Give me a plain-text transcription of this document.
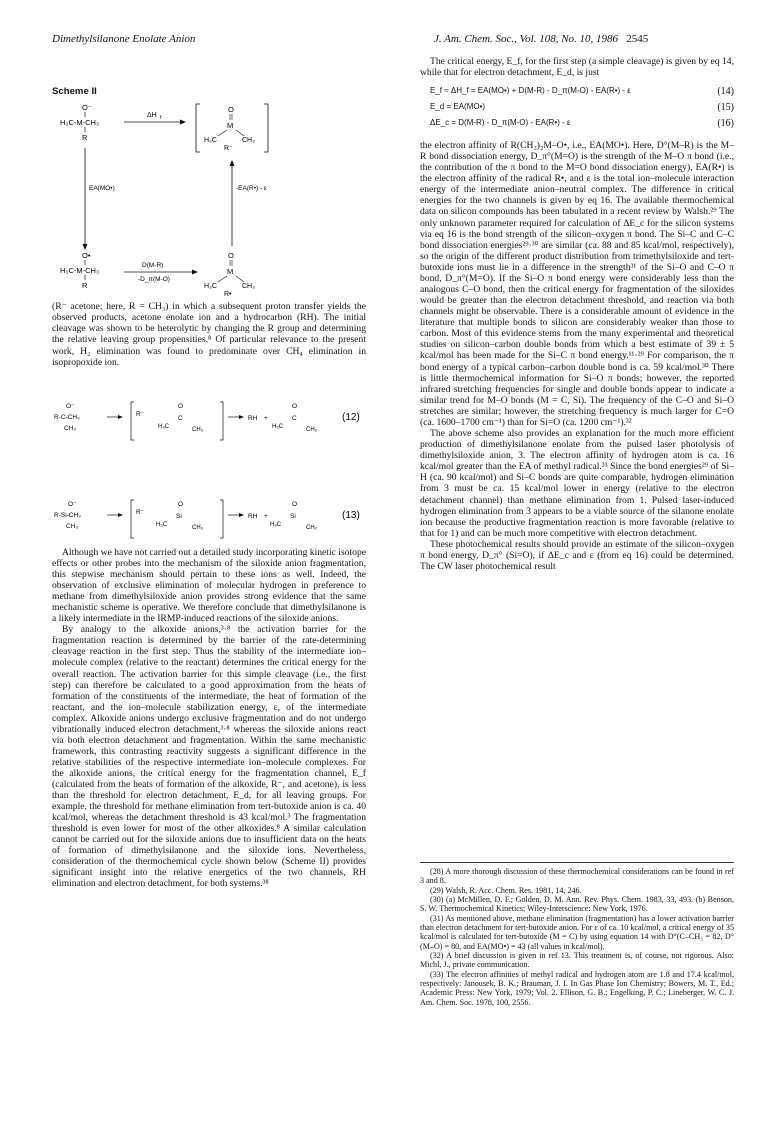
Dimethylsilanone Enolate Anion	J. Am. Chem. Soc., Vol. 108, No. 10, 1986 2545
Scheme II
O⁻
H₃C-M-CH₃
R
ΔH f
O
M
H₃C	CH₃
R⁻
EA(MO•)	-EA(R•) - ε
O•
H₃C-M-CH₃
R
D(M-R)
-D_π(M-O)
O
M
H₃C	CH₃
R•
(R⁻ acetone; here, R = CH₃) in which a subsequent proton transfer yields the observed products, acetone enolate ion and a hydrocarbon (RH). The initial cleavage was shown to be heterolytic by changing the R group and determining the relative leaving group propensities.⁸ Of particular relevance to the present work, H₂ elimination was found to predominate over CH₄ elimination in isopropoxide ion.
O⁻
R-C-CH₃
CH₃
R⁻
O
C
H₃C	CH₃
RH +
O
C
H₃C	CH₂
(12)
O⁻
R-Si-CH₃
CH₃
R⁻
O
Si
H₃C	CH₃
RH +
O
Si
H₃C	CH₂
(13)

Although we have not carried out a detailed study incorporating kinetic isotope effects or other probes into the mechanism of the siloxide anion fragmentation, this stepwise mechanism should pertain to these ions as well. Indeed, the observation of exclusive elimination of molecular hydrogen in preference to methane from dimethylsiloxide anion provides strong evidence that the same mechanistic scheme is operative. We therefore conclude that dimethylsilanone is a likely intermediate in the IRMP-induced reactions of the siloxide anions.

By analogy to the alkoxide anions,³·⁸ the activation barrier for the fragmentation reaction is determined by the barrier of the rate-determining cleavage reaction in the first step. Thus the stability of the intermediate ion–molecule complex (relative to the reactant) determines the critical energy for the overall reaction. The activation barrier for this simple cleavage (i.e., the first step) can therefore be calculated to a good approximation from the heats of formation of the constituents of the intermediate, the heat of formation of the reactant, and the ion–molecule stabilization energy, ε, of the intermediate complex. Alkoxide anions undergo exclusive fragmentation and do not undergo vibrationally induced electron detachment,³·⁸ whereas the siloxide anions react via both electron detachment and fragmentation. Within the same mechanistic framework, this contrasting reactivity suggests a significant difference in the relative stabilities of the respective intermediate ion–molecule complexes. For the alkoxide anions, the critical energy for the fragmentation channel, E_f (calculated from the heats of formation of the alkoxide, R⁻, and acetone), is less than the threshold for electron detachment, E_d, for all leaving groups. For example, the threshold for methane elimination from tert-butoxide anion is ca. 40 kcal/mol, whereas the detachment threshold is 43 kcal/mol.³ The fragmentation threshold is even lower for most of the other alkoxides.⁸ A similar calculation cannot be carried out for the siloxide anions due to insufficient data on the heats of formation of dimethylsilanone and the siloxide ions. Nevertheless, consideration of the thermochemical cycle shown below (Scheme II) provides significant insight into the relative energetics of the two channels, RH elimination and electron detachment, for both systems.³⁸

The critical energy, E_f, for the first step (a simple cleavage) is given by eq 14, while that for electron detachment, E_d, is just

E_f ≈ ΔH_f = EA(MO•) + D(M-R) - D_π(M-O) - EA(R•) - ε	(14)
E_d = EA(MO•)	(15)
ΔE_c = D(M-R) - D_π(M-O) - EA(R•) - ε	(16)

the electron affinity of R(CH₃)₂M–O•, i.e., EA(MO•). Here, D°(M–R) is the M–R bond dissociation energy, D_π°(M=O) is the strength of the M–O π bond (i.e., the contribution of the π bond to the M=O bond dissociation energy), EA(R•) is the electron affinity of the radical R•, and ε is the total ion–molecule interaction energy of the intermediate anion–neutral complex. The difference in critical energies for the two channels is given by eq 16. The available thermochemical data on silicon compounds has been tabulated in a recent review by Walsh.²⁹ The only unknown parameter required for calculation of ΔE_c for the silicon systems via eq 16 is the bond strength of the silicon–oxygen π bond. The Si–C and C–C bond dissociation energies²⁹·³⁰ are similar (ca. 88 and 85 kcal/mol, respectively), so the origin of the different product distribution from trimethylsiloxide and tert-butoxide ions must lie in a difference in the strength³¹ of the Si–O and C–O π bond, D_π°(M=O). If the Si–O π bond energy were considerably less than the analogous C–O bond, then the critical energy for fragmentation of the siloxides would be greater than the electron detachment threshold, and reaction via both channels might be observable. There is a considerable amount of evidence in the literature that multiple bonds to silicon are considerably weaker than those to carbon. Most of this evidence stems from the many experimental and theoretical studies on silicon–carbon double bonds from which a best estimate of 39 ± 5 kcal/mol has been made for the Si–C π bond energy.¹¹·²⁹ For comparison, the π bond energy of a typical carbon–carbon double bond is ca. 59 kcal/mol.³⁰ There is little thermochemical information for Si–O π bonds; however, the reported infrared stretching frequencies for single and double bonds appear to indicate a similar trend for M–O bonds (M = C, Si). The frequency of the C–O and Si–O stretches are similar; however, the stretching frequency is much larger for C=O (ca. 1600–1700 cm⁻¹) than for Si=O (ca. 1200 cm⁻¹).³²

The above scheme also provides an explanation for the much more efficient production of dimethylsilanone enolate from the pulsed laser photolysis of dimethylsiloxide anion, 3. The electron affinity of hydrogen atom is ca. 16 kcal/mol greater than the EA of methyl radical.³³ Since the bond energies²⁹ of Si–H (ca. 90 kcal/mol) and Si–C bonds are quite comparable, hydrogen elimination from 3 must be ca. 15 kcal/mol lower in energy (relative to the electron detachment channel) than methane elimination from 1. Pulsed laser-induced hydrogen elimination from 3 appears to be a viable source of the silanone enolate ion because the productive fragmentation reaction is more favorable (relative to that for 1) and can be much more competitive with electron detachment.

These photochemical results should provide an estimate of the silicon–oxygen π bond energy, D_π° (Si=O), if ΔE_c and ε (from eq 16) could be determined. The CW laser photochemical result

(28) A more thorough discussion of these thermochemical considerations can be found in ref 3 and 8.

(29) Walsh, R. Acc. Chem. Res. 1981, 14, 246.

(30) (a) McMillen, D. F.; Golden, D. M. Ann. Rev. Phys. Chem. 1983, 33, 493. (b) Benson, S. W. Thermochemical Kinetics; Wiley-Interscience: New York, 1976.

(31) As mentioned above, methane elimination (fragmentation) has a lower activation barrier than electron detachment for tert-butoxide anion. For ε of ca. 10 kcal/mol, a critical energy of 35 kcal/mol is calculated for tert-butoxide (M = C) by using equation 14 with D°(C–CH₃ = 82, D°(M–O) = 80, and EA(MO•) = 43 (all values in kcal/mol).

(32) A brief discussion is given in ref 13. This treatment is, of course, not rigorous. Also: Michl, J., private communication.

(33) The electron affinities of methyl radical and hydrogen atom are 1.8 and 17.4 kcal/mol, respectively: Janousek, B. K.; Brauman, J. I. In Gas Phase Ion Chemistry; Bowers, M. T., Ed.; Academic Press: New York, 1979; Vol. 2. Ellison, G. B.; Engelking, P. C.; Lineberger, W. C. J. Am. Chem. Soc. 1978, 100, 2556.
